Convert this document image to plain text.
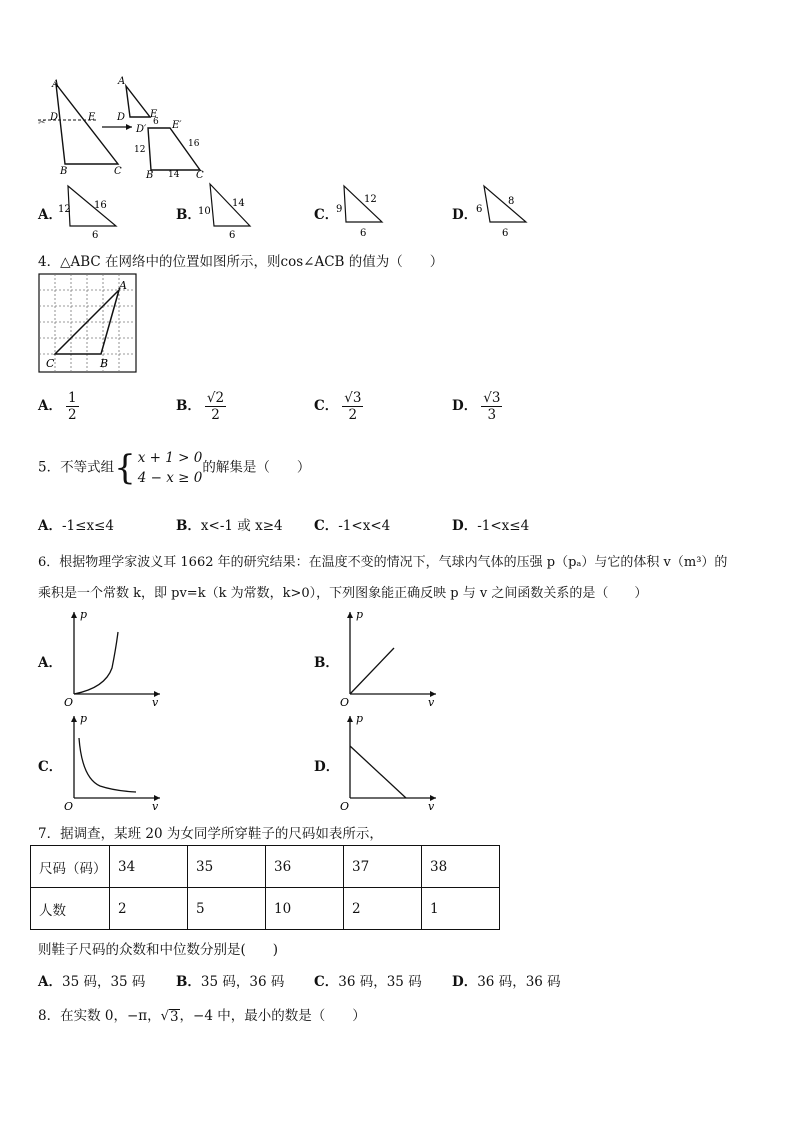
✂
A
D	E
B	C
A
D E
6
D′	E′
16
12
B 14 C
A．
12 16
6
B．
10
14
6
C．
9
12
6
D．
6
8
6
4．△ABC 在网络中的位置如图所示，则cos∠ACB 的值为（　　）
A
C	B
A． $\frac{1}{2}$	B． $\frac{√2}{2}$	C． $\frac{√3}{2}$	D． $\frac{√3}{3}$
5．不等式组 { x + 1 > 0
4 − x ≥ 0
的解集是（　　）
A．-1≤x≤4	B．x<-1 或 x≥4 C．-1<x<4	D．-1<x≤4
6．根据物理学家波义耳 1662 年的研究结果：在温度不变的情况下，气球内气体的压强 p（pₐ）与它的体积 v（m³）的
乘积是一个常数 k，即 pv=k（k 为常数，k>0），下列图象能正确反映 p 与 v 之间函数关系的是（　　）
A．
p
v
O
B．
p
v
O
C．
p
v
O
D．
p
v
O
7．据调查，某班 20 为女同学所穿鞋子的尺码如表所示，
尺码（码）	34	35	36	37	38
人数	2	5	10	2	1
则鞋子尺码的众数和中位数分别是(　　)
A．35 码，35 码 B．35 码，36 码 C．36 码，35 码 D．36 码，36 码
8．在实数 0，−π， √ 3 ，−4 中，最小的数是（　　）
